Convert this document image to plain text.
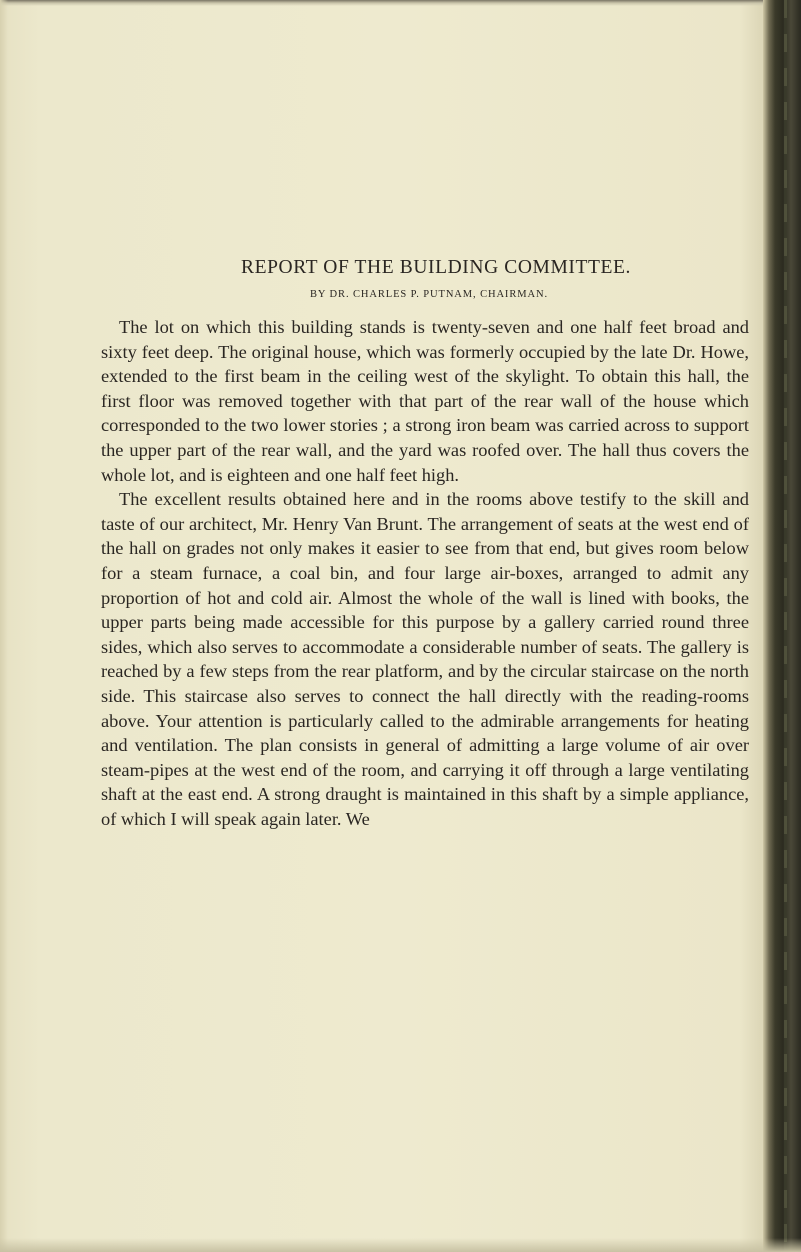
REPORT OF THE BUILDING COMMITTEE.

BY DR. CHARLES P. PUTNAM, CHAIRMAN.

The lot on which this building stands is twenty-seven and one half feet broad and sixty feet deep. The original house, which was formerly occupied by the late Dr. Howe, extended to the first beam in the ceiling west of the skylight. To obtain this hall, the first floor was removed together with that part of the rear wall of the house which corresponded to the two lower stories ; a strong iron beam was carried across to support the upper part of the rear wall, and the yard was roofed over. The hall thus covers the whole lot, and is eighteen and one half feet high.

The excellent results obtained here and in the rooms above testify to the skill and taste of our architect, Mr. Henry Van Brunt. The arrangement of seats at the west end of the hall on grades not only makes it easier to see from that end, but gives room below for a steam furnace, a coal bin, and four large air-boxes, arranged to admit any proportion of hot and cold air. Almost the whole of the wall is lined with books, the upper parts being made accessible for this purpose by a gallery carried round three sides, which also serves to accommodate a considerable number of seats. The gallery is reached by a few steps from the rear platform, and by the circular staircase on the north side. This staircase also serves to connect the hall directly with the reading-rooms above. Your attention is particularly called to the admirable arrangements for heating and ventilation. The plan consists in general of admitting a large volume of air over steam-pipes at the west end of the room, and carrying it off through a large ventilating shaft at the east end. A strong draught is maintained in this shaft by a simple appliance, of which I will speak again later. We
